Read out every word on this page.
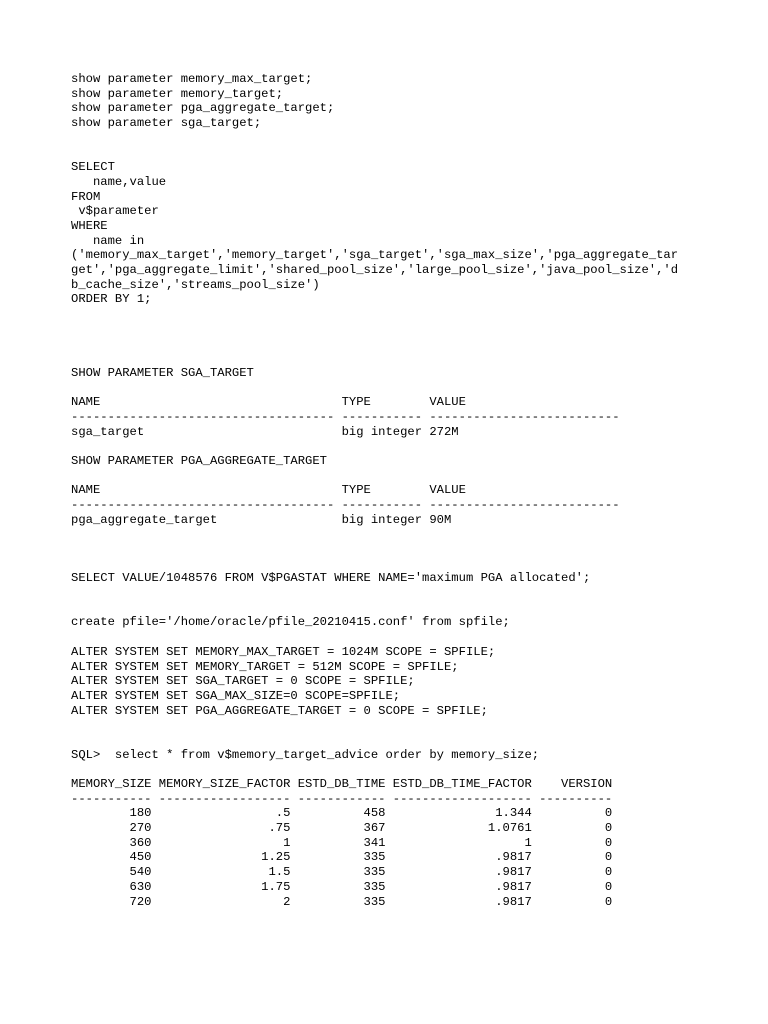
show parameter memory_max_target;
show parameter memory_target;
show parameter pga_aggregate_target;
show parameter sga_target;
SELECT
name,value
FROM
v$parameter
WHERE
name in
('memory_max_target','memory_target','sga_target','sga_max_size','pga_aggregate_tar
get','pga_aggregate_limit','shared_pool_size','large_pool_size','java_pool_size','d
b_cache_size','streams_pool_size')
ORDER BY 1;
SHOW PARAMETER SGA_TARGET
NAME                                 TYPE        VALUE
------------------------------------ ----------- --------------------------
sga_target                           big integer 272M
SHOW PARAMETER PGA_AGGREGATE_TARGET
NAME                                 TYPE        VALUE
------------------------------------ ----------- --------------------------
pga_aggregate_target                 big integer 90M
SELECT VALUE/1048576 FROM V$PGASTAT WHERE NAME='maximum PGA allocated';
create pfile='/home/oracle/pfile_20210415.conf' from spfile;
ALTER SYSTEM SET MEMORY_MAX_TARGET = 1024M SCOPE = SPFILE;
ALTER SYSTEM SET MEMORY_TARGET = 512M SCOPE = SPFILE;
ALTER SYSTEM SET SGA_TARGET = 0 SCOPE = SPFILE;
ALTER SYSTEM SET SGA_MAX_SIZE=0 SCOPE=SPFILE;
ALTER SYSTEM SET PGA_AGGREGATE_TARGET = 0 SCOPE = SPFILE;
SQL>  select * from v$memory_target_advice order by memory_size;
MEMORY_SIZE MEMORY_SIZE_FACTOR ESTD_DB_TIME ESTD_DB_TIME_FACTOR    VERSION
----------- ------------------ ------------ ------------------- ----------
180                 .5          458               1.344          0
270                .75          367              1.0761          0
360                  1          341                   1          0
450               1.25          335               .9817          0
540                1.5          335               .9817          0
630               1.75          335               .9817          0
720                  2          335               .9817          0
